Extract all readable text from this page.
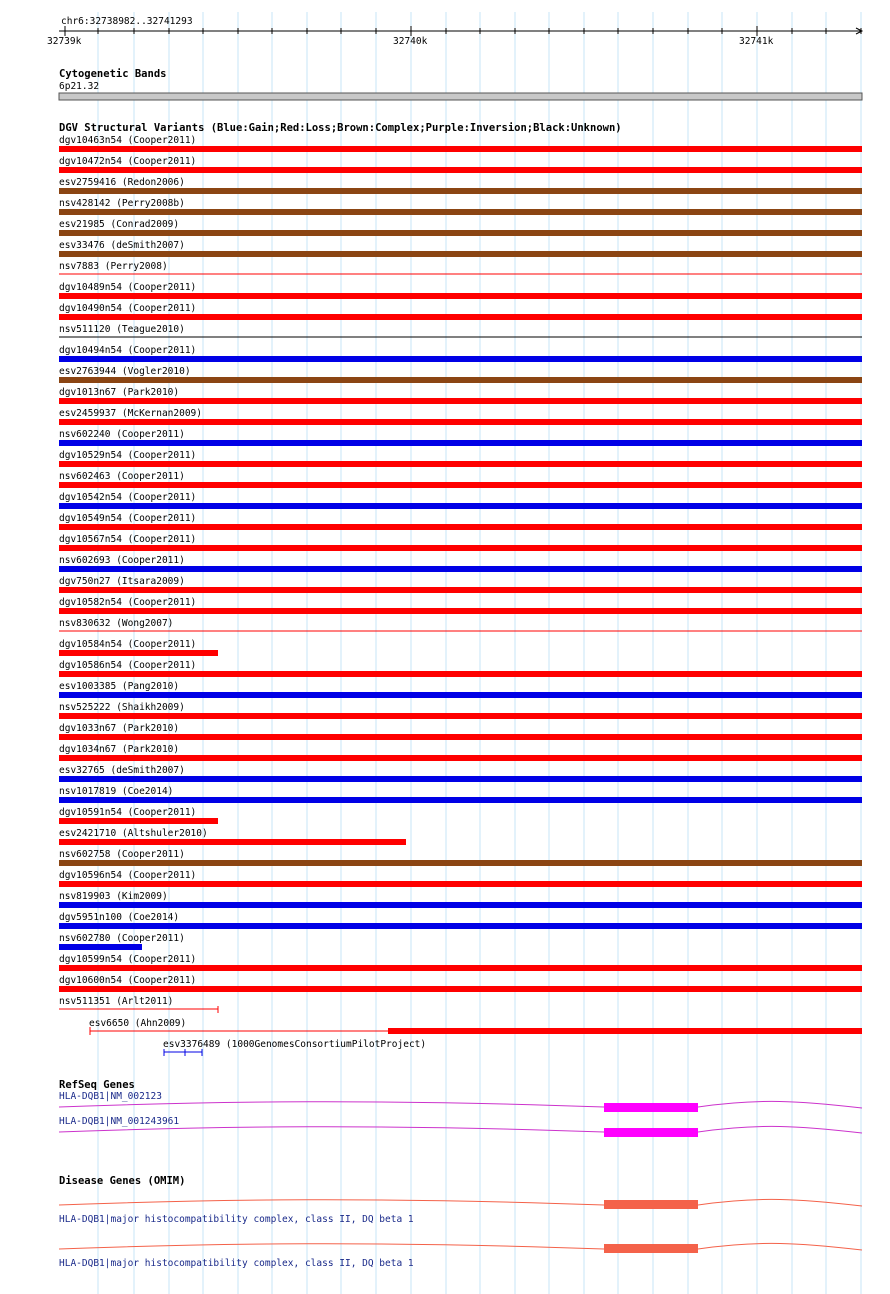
chr6:32738982..32741293
32739k	32740k	32741k
Cytogenetic Bands
6p21.32
DGV Structural Variants (Blue:Gain;Red:Loss;Brown:Complex;Purple:Inversion;Black:Unknown)
dgv10463n54 (Cooper2011)
dgv10472n54 (Cooper2011)
esv2759416 (Redon2006)
nsv428142 (Perry2008b)
esv21985 (Conrad2009)
esv33476 (deSmith2007)
nsv7883 (Perry2008)
dgv10489n54 (Cooper2011)
dgv10490n54 (Cooper2011)
nsv511120 (Teague2010)
dgv10494n54 (Cooper2011)
esv2763944 (Vogler2010)
dgv1013n67 (Park2010)
esv2459937 (McKernan2009)
nsv602240 (Cooper2011)
dgv10529n54 (Cooper2011)
nsv602463 (Cooper2011)
dgv10542n54 (Cooper2011)
dgv10549n54 (Cooper2011)
dgv10567n54 (Cooper2011)
nsv602693 (Cooper2011)
dgv750n27 (Itsara2009)
dgv10582n54 (Cooper2011)
nsv830632 (Wong2007)
dgv10584n54 (Cooper2011)
dgv10586n54 (Cooper2011)
esv1003385 (Pang2010)
nsv525222 (Shaikh2009)
dgv1033n67 (Park2010)
dgv1034n67 (Park2010)
esv32765 (deSmith2007)
nsv1017819 (Coe2014)
dgv10591n54 (Cooper2011)
esv2421710 (Altshuler2010)
nsv602758 (Cooper2011)
dgv10596n54 (Cooper2011)
nsv819903 (Kim2009)
dgv5951n100 (Coe2014)
nsv602780 (Cooper2011)
dgv10599n54 (Cooper2011)
dgv10600n54 (Cooper2011)
nsv511351 (Arlt2011)
esv6650 (Ahn2009)
esv3376489 (1000GenomesConsortiumPilotProject)
RefSeq Genes
HLA-DQB1|NM_002123
HLA-DQB1|NM_001243961
Disease Genes (OMIM)
HLA-DQB1|major histocompatibility complex, class II, DQ beta 1
HLA-DQB1|major histocompatibility complex, class II, DQ beta 1
